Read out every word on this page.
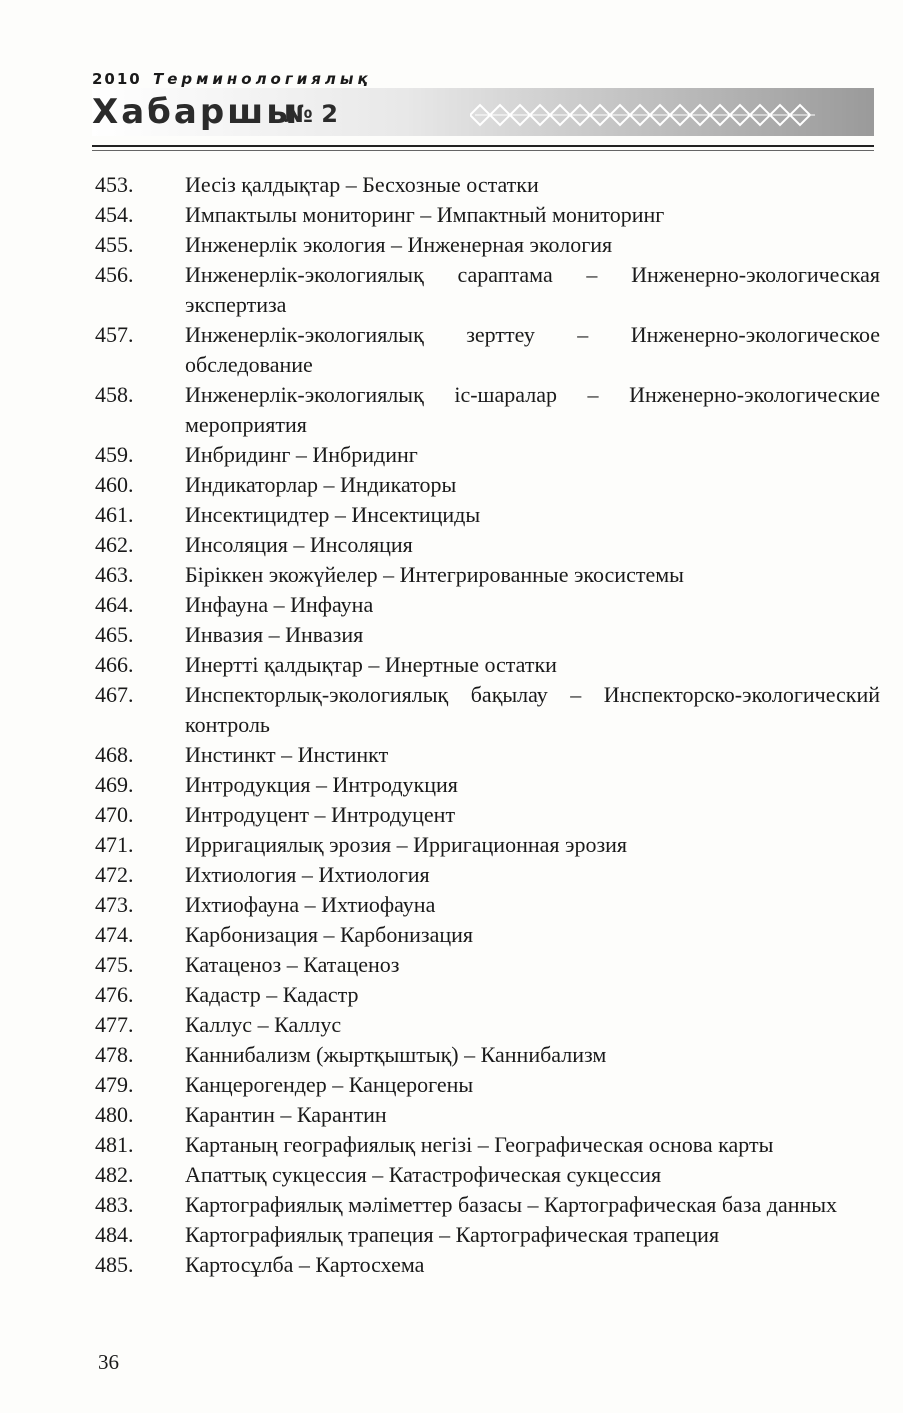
2010 Терминологиялық
Хабаршы
№ 2
453.	Иесіз қалдықтар – Бесхозные остатки
454.	Импактылы мониторинг – Импактный мониторинг
455.	Инженерлік экология – Инженерная экология
456.	Инженерлік-экологиялық сараптама – Инженерно-экологическая экспертиза
457.	Инженерлік-экологиялық зерттеу – Инженерно-экологическое обследование
458.	Инженерлік-экологиялық іс-шаралар – Инженерно-экологические мероприятия
459.	Инбридинг – Инбридинг
460.	Индикаторлар – Индикаторы
461.	Инсектицидтер – Инсектициды
462.	Инсоляция – Инсоляция
463.	Біріккен экожүйелер – Интегрированные экосистемы
464.	Инфауна – Инфауна
465.	Инвазия – Инвазия
466.	Инертті қалдықтар – Инертные остатки
467.	Инспекторлық-экологиялық бақылау – Инспекторско-экологический контроль
468.	Инстинкт – Инстинкт
469.	Интродукция – Интродукция
470.	Интродуцент – Интродуцент
471.	Ирригациялық эрозия – Ирригационная эрозия
472.	Ихтиология – Ихтиология
473.	Ихтиофауна – Ихтиофауна
474.	Карбонизация – Карбонизация
475.	Катаценоз – Катаценоз
476.	Кадастр – Кадастр
477.	Каллус – Каллус
478.	Каннибализм (жыртқыштық) – Каннибализм
479.	Канцерогендер – Канцерогены
480.	Карантин – Карантин
481.	Картаның географиялық негізі – Географическая основа карты
482.	Апаттық сукцессия – Катастрофическая сукцессия
483.	Картографиялық мәліметтер базасы – Картографическая база данных
484.	Картографиялық трапеция – Картографическая трапеция
485.	Картосұлба – Картосхема
36
